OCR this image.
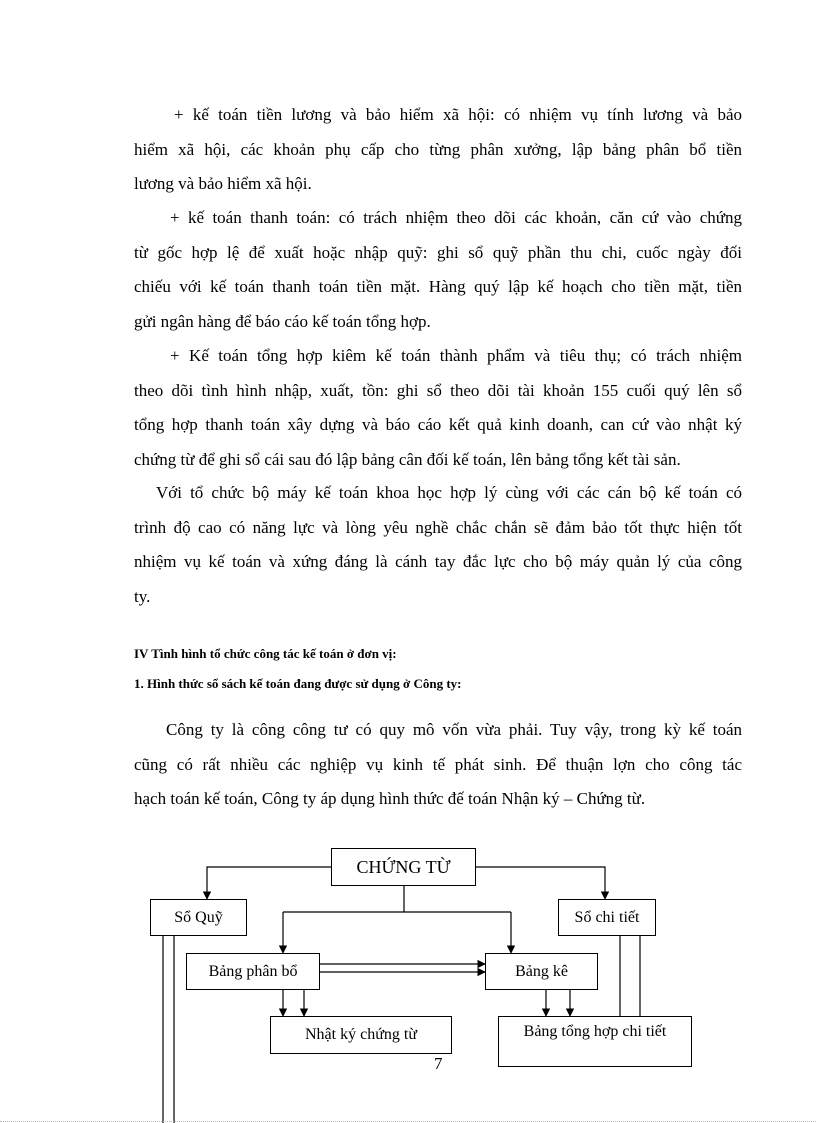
+ kế toán tiền lương và bảo hiểm xã hội: có nhiệm vụ tính lương và bảo
hiểm xã hội, các khoản phụ cấp cho từng phân xưởng, lập bảng phân bổ tiền
lương và bảo hiểm xã hội.
+ kế toán thanh toán: có trách nhiệm theo dõi các khoản, căn cứ vào chứng
từ gốc hợp lệ để xuất hoặc nhập quỹ: ghi sổ quỹ phần thu chi, cuốc ngày đối
chiếu với kế toán thanh toán tiền mặt. Hàng quý lập kế hoạch cho tiền mặt, tiền
gửi ngân hàng để báo cáo kế toán tổng hợp.
+ Kế toán tổng hợp kiêm kế toán thành phẩm và tiêu thụ; có trách nhiệm
theo dõi tình hình nhập, xuất, tồn: ghi sổ theo dõi tài khoản 155 cuối quý lên sổ
tổng hợp thanh toán xây dựng và báo cáo kết quả kinh doanh, can cứ vào nhật ký
chứng từ để ghi sổ cái sau đó lập bảng cân đối kế toán, lên bảng tổng kết tài sản.
Với tổ chức bộ máy kế toán khoa học hợp lý cùng với các cán bộ kế toán có
trình độ cao có năng lực và lòng yêu nghề chắc chắn sẽ đảm bảo tốt thực hiện tốt
nhiệm vụ kế toán và xứng đáng là cánh tay đắc lực cho bộ máy quản lý của công
ty.
IV Tình hình tổ chức công tác kế toán ở đơn vị:
1. Hình thức sổ sách kế toán đang được sử dụng ở Công ty:
Công ty là công công tư có quy mô vốn vừa phải. Tuy vậy, trong kỳ kế toán
cũng có rất nhiều các nghiệp vụ kinh tế phát sinh. Để thuận lợn cho công tác
hạch toán kế toán, Công ty áp dụng hình thức đế toán Nhận ký – Chứng từ.
CHỨNG TỪ
Sổ Quỹ	Sổ chi tiết
Bảng phân bổ	Bảng kê
Nhật ký chứng từ	Bảng tổng hợp chi tiết
7
